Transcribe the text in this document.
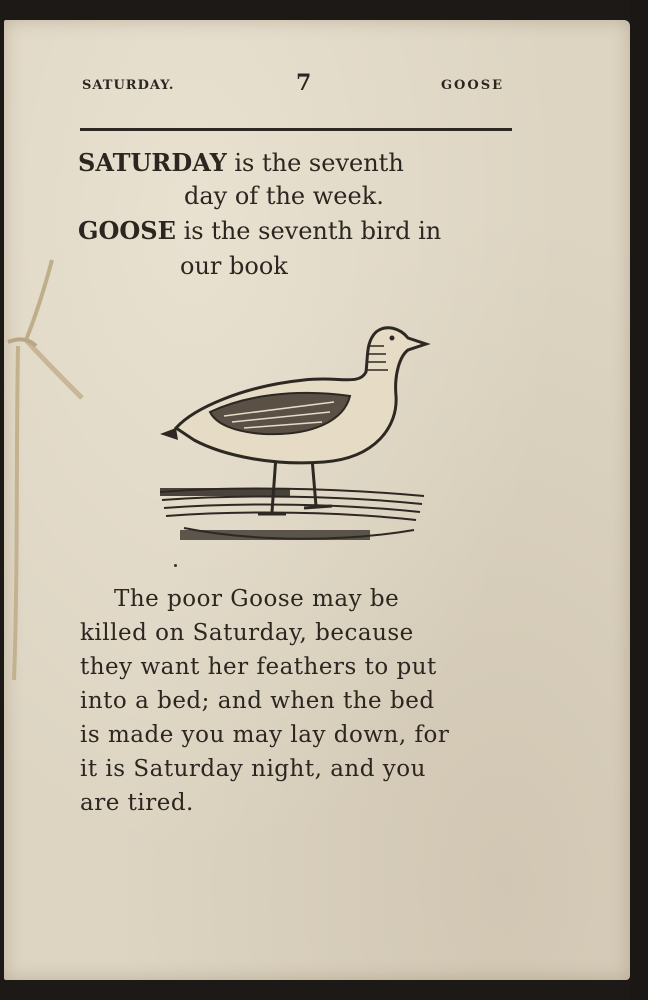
SATURDAY.	7	GOOSE
SATURDAY is the seventh
day of the week.
GOOSE is the seventh bird in
our book
The poor Goose may be
killed on Saturday, because
they want her feathers to put
into a bed; and when the bed
is made you may lay down, for
it is Saturday night, and you
are tired.
